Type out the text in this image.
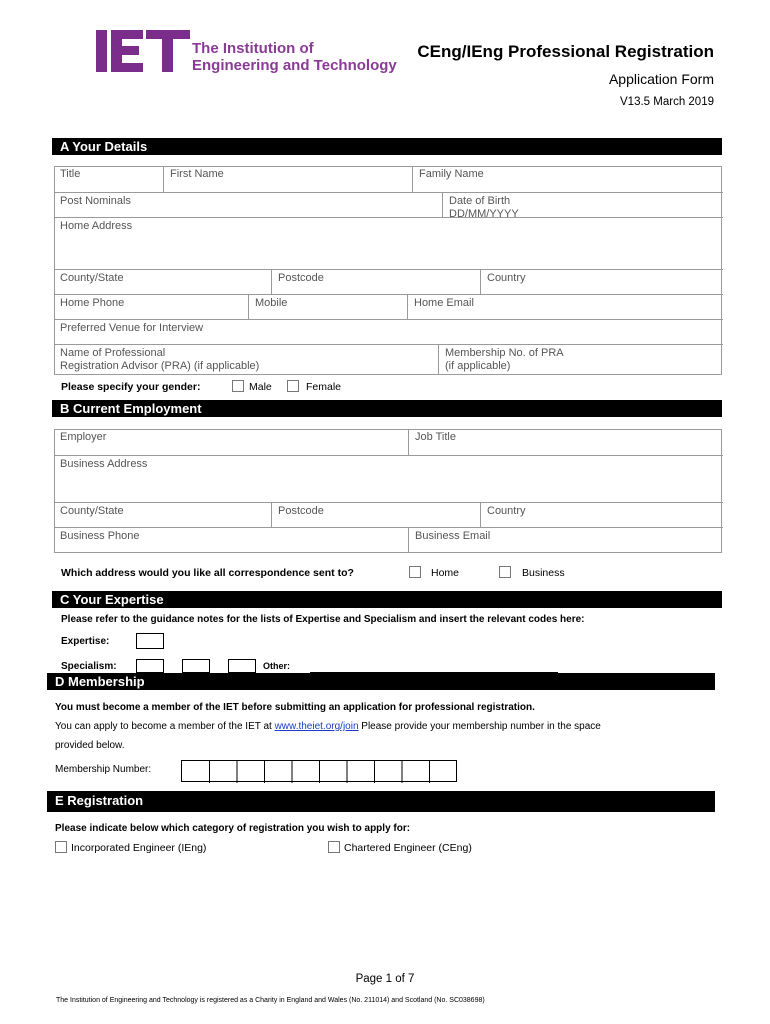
The Institution of
Engineering and Technology
CEng/IEng Professional Registration
Application Form
V13.5 March 2019
A Your Details
Title	First Name	Family Name
Post Nominals	Date of Birth
DD/MM/YYYY
Home Address
County/State	Postcode	Country
Home Phone	Mobile	Home Email
Preferred Venue for Interview
Name of Professional
Registration Advisor (PRA) (if applicable)
Membership No. of PRA
(if applicable)
Please specify your gender:	Male	Female
B Current Employment
Employer	Job Title
Business Address
County/State	Postcode	Country
Business Phone	Business Email
Which address would you like all correspondence sent to?	Home	Business
C Your Expertise
Please refer to the guidance notes for the lists of Expertise and Specialism and insert the relevant codes here:
Expertise:
Specialism:	Other:
D Membership
You must become a member of the IET before submitting an application for professional registration.
You can apply to become a member of the IET at www.theiet.org/join Please provide your membership number in the space
provided below.
Membership Number:
E Registration
Please indicate below which category of registration you wish to apply for:
Incorporated Engineer (IEng)	Chartered Engineer (CEng)
Page 1 of 7
The Institution of Engineering and Technology is registered as a Charity in England and Wales (No. 211014) and Scotland (No. SC038698)
